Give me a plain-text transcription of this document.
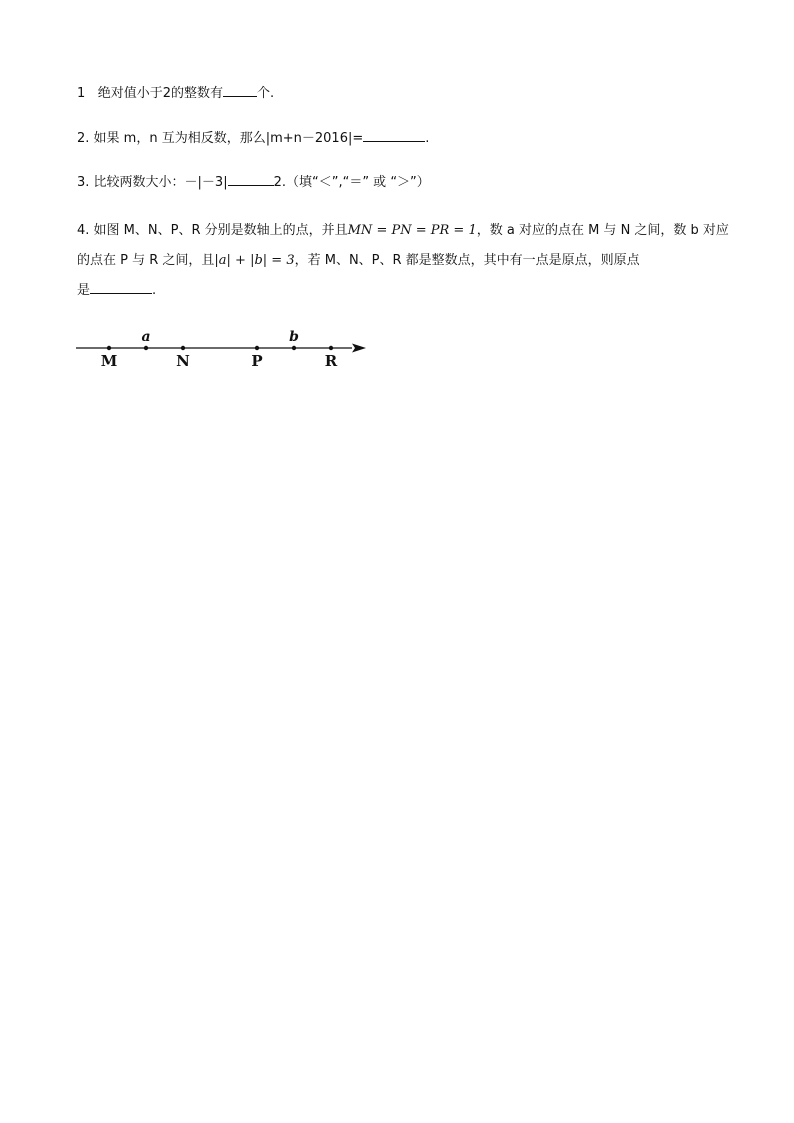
1 绝对值小于2的整数有	个.
2. 如果 m，n 互为相反数，那么|m+n－2016|=	.
3. 比较两数大小：－|－3|	2.（填“＜”,“＝” 或 “＞”）
4. 如图 M、N、P、R 分别是数轴上的点，并且MN = PN = PR = 1，数 a 对应的点在 M 与 N 之间，数 b 对应
的点在 P 与 R 之间，且|a| + |b| = 3，若 M、N、P、R 都是整数点，其中有一点是原点，则原点
是	.
M
a
N	P
b
R
